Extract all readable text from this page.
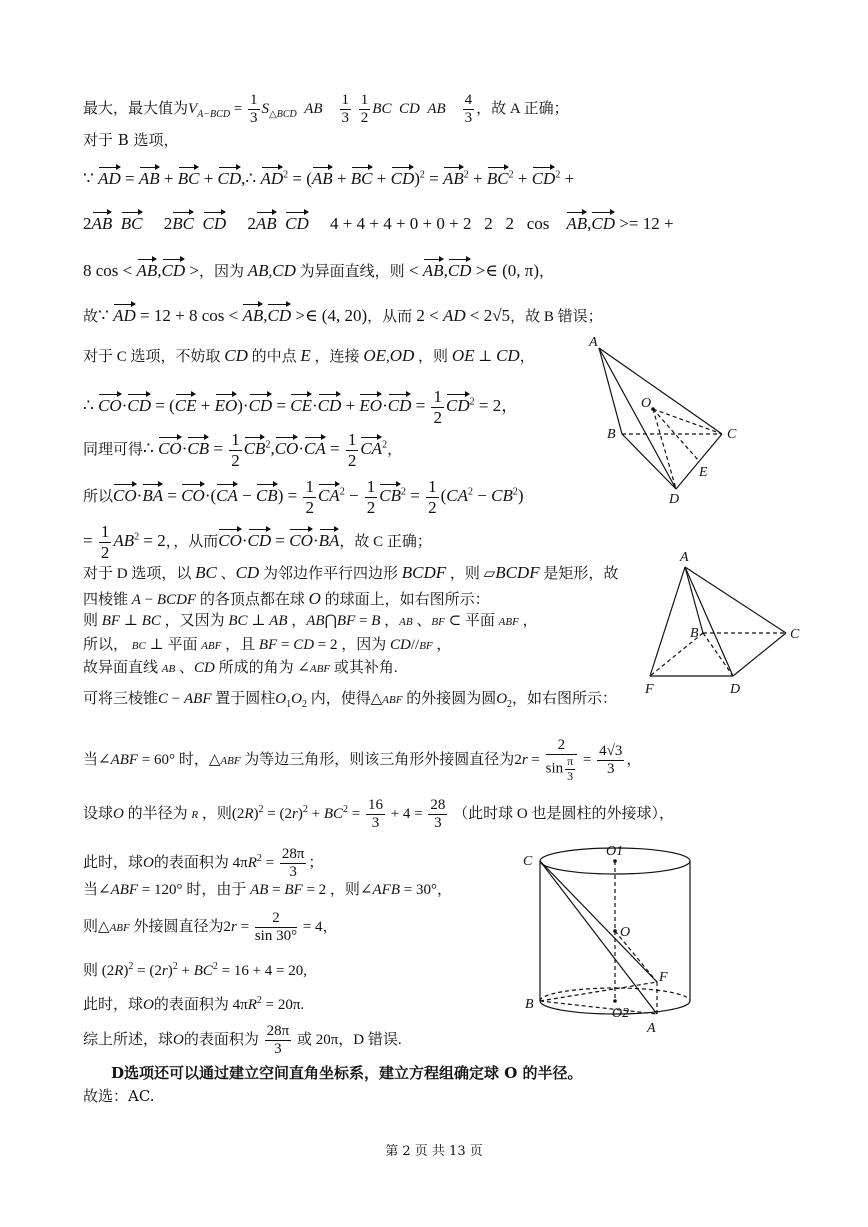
最大，最大值为$V_{A-BCD} = \frac{1}{3} S_{\triangle BCD}$ AB $\frac{1}{3}$
$\frac{1}{2}$ BC CD AB $\frac{4}{3}$ ，故 A 正确；
对于 B 选项，
∵ AD = AB + BC + CD,∴ $AD^2 = (AB$ + BC + $CD)^2 = AB^2 + BC^2 + CD^2$ +
2AB BC     2BC CD     2AB CD     4 + 4 + 4 + 0 + 0 + 2   2   2   cos    AB,CD >= 12 +
8 cos < AB,CD >，因为 AB,CD 为异面直线，则 < AB,CD >∈ (0, π)，
故∵ AD = 12 + 8 cos < AB,CD >∈ (4, 20)，从而 2 < AD < 2√5，故 B 错误；
对于 C 选项，不妨取 CD 的中点 E ，连接 OE,OD ，则 OE ⊥ CD，
∴ $CO\cdot CD = (CE + EO)\cdot CD = CE\cdot CD + EO\cdot CD = \frac{1}{2} CD^2 = 2$，
同理可得∴ $CO\cdot CB = \frac{1}{2} CB^2,CO\cdot CA = \frac{1}{2} CA^2$，
所以$CO\cdot BA = CO\cdot(CA - CB) = \frac{1}{2} CA^2 - \frac{1}{2} CB^2 = \frac{1}{2} (CA^2 - CB^2)$
= $\frac{1}{2} AB^2 = 2$，，从而CO·CD = CO·BA，故 C 正确；
对于 D 选项，以 BC 、CD 为邻边作平行四边形 BCDF ，则 ▱BCDF 是矩形，故
四棱锥 A − BCDF 的各顶点都在球 O 的球面上，如右图所示：
则 BF ⊥ BC ，又因为 BC ⊥ AB ，AB⋂BF = B ，AB 、BF ⊂ 平面 ABF ，
所以， BC ⊥ 平面 ABF ，且 BF = CD = 2 ，因为 CD//BF ，
故异面直线 AB 、CD 所成的角为 ∠ABF 或其补角.
可将三棱锥C − ABF 置于圆柱$O_1O_2$ 内，使得△ABF 的外接圆为圆$O_2$，如右图所示：
当∠ABF = 60° 时，△ABF 为等边三角形，则该三角形外接圆直径为$2r = \frac{2}{\sin \frac{\pi}{3}} = \frac{4√3}{3}$ ，
设球O 的半径为 R ，则$(2R)^2 = (2r)^2 + BC^2 = \frac{16}{3} + 4 = \frac{28}{3}$ （此时球 O 也是圆柱的外接球），
此时，球O的表面积为 $4\pi R^2 = \frac{28\pi}{3}$ ；
当∠ABF = 120° 时，由于 AB = BF = 2 ，则∠AFB = 30°，
则△ABF 外接圆直径为$2r = \frac{2}{\sin 30^\circ} = 4$，
则 $(2R)^2 = (2r)^2 + BC^2 = 16 + 4 = 20$,
此时，球O的表面积为 $4\pi R^2 = 20\pi$.
综上所述，球O的表面积为 $\frac{28\pi}{3}$ 或 20π，D 错误.
D选项还可以通过建立空间直角坐标系，建立方程组确定球 O 的半径。
故选：AC.
第 2 页 共 13 页
A
O
B	C
E
D
A
B	C
F	D
C
O1
O
F
B
O2
A
